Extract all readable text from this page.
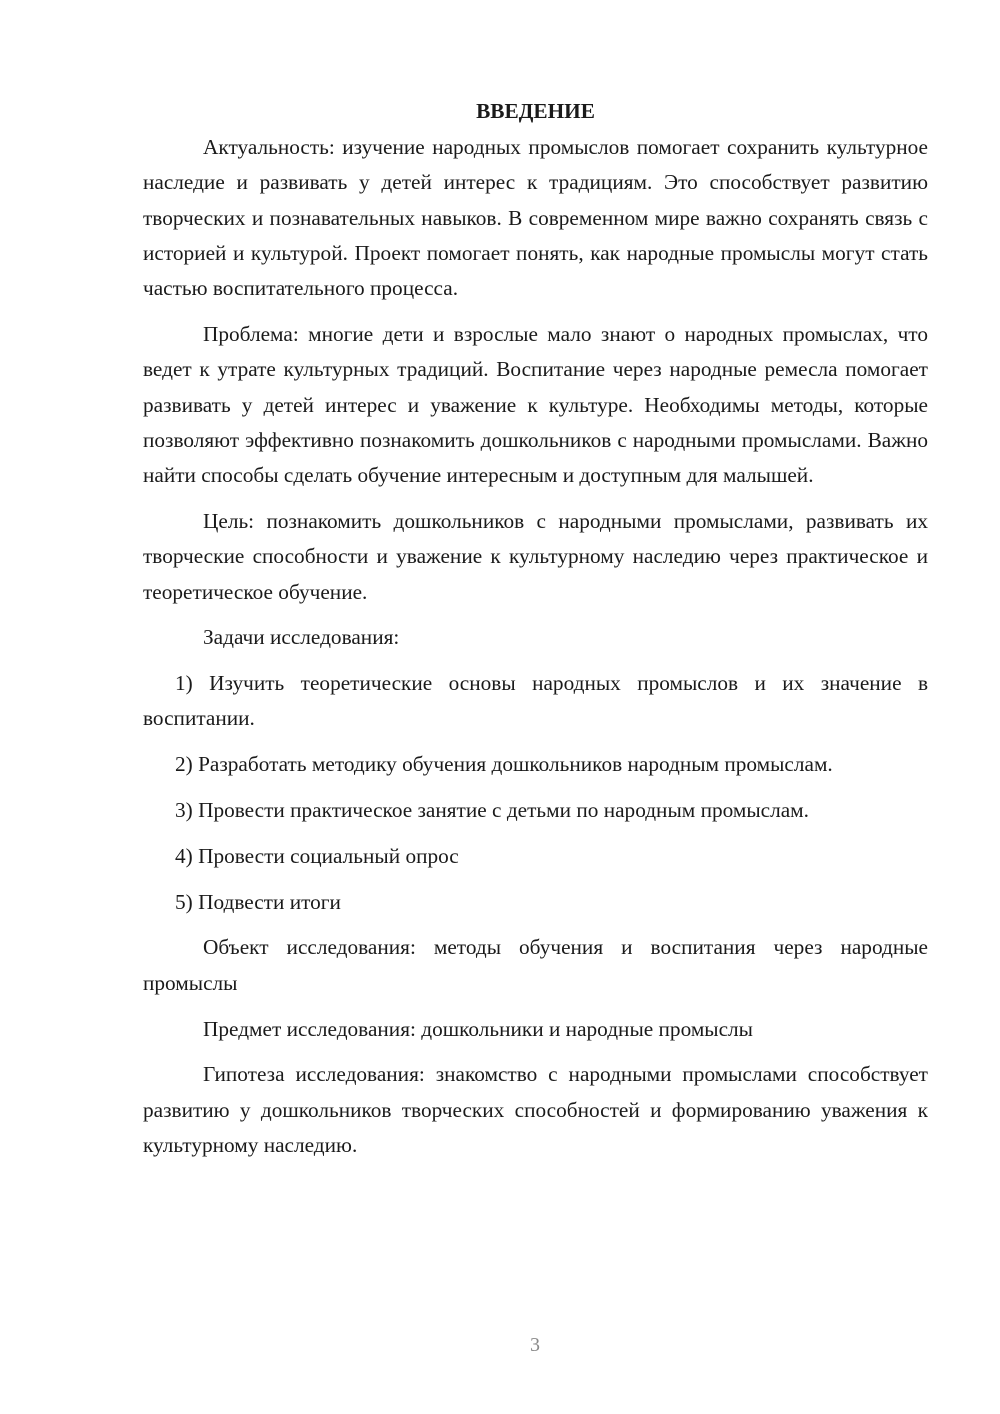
ВВЕДЕНИЕ

Актуальность: изучение народных промыслов помогает сохранить культурное наследие и развивать у детей интерес к традициям. Это способствует развитию творческих и познавательных навыков. В современном мире важно сохранять связь с историей и культурой. Проект помогает понять, как народные промыслы могут стать частью воспитательного процесса.

Проблема: многие дети и взрослые мало знают о народных промыслах, что ведет к утрате культурных традиций. Воспитание через народные ремесла помогает развивать у детей интерес и уважение к культуре. Необходимы методы, которые позволяют эффективно познакомить дошкольников с народными промыслами. Важно найти способы сделать обучение интересным и доступным для малышей.

Цель: познакомить дошкольников с народными промыслами, развивать их творческие способности и уважение к культурному наследию через практическое и теоретическое обучение.

Задачи исследования:

1) Изучить теоретические основы народных промыслов и их значение в воспитании.

2) Разработать методику обучения дошкольников народным промыслам.

3) Провести практическое занятие с детьми по народным промыслам.

4) Провести социальный опрос

5) Подвести итоги

Объект исследования: методы обучения и воспитания через народные промыслы

Предмет исследования: дошкольники и народные промыслы

Гипотеза исследования: знакомство с народными промыслами способствует развитию у дошкольников творческих способностей и формированию уважения к культурному наследию.

3
